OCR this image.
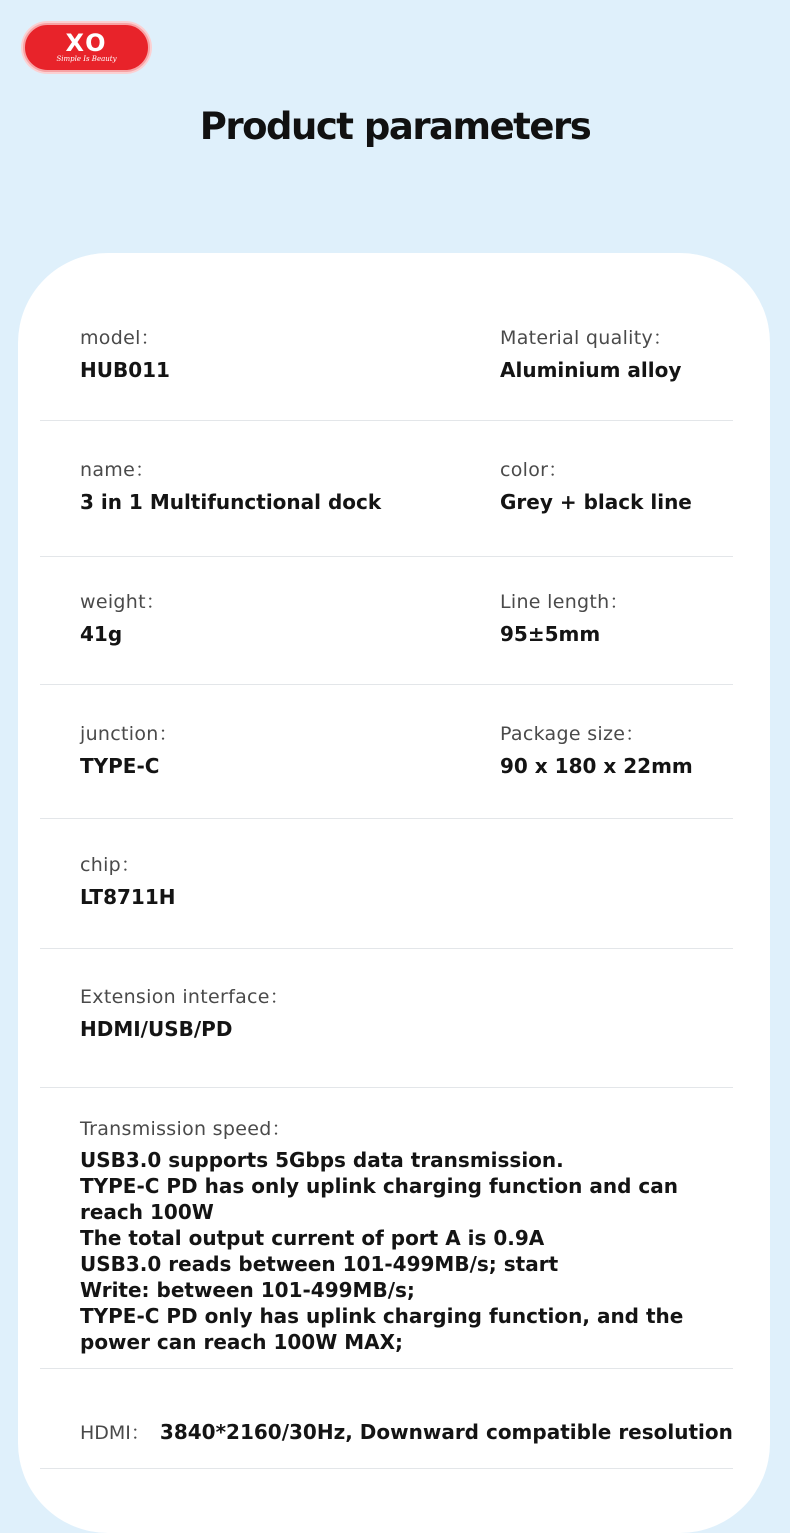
XO
Simple Is Beauty
Product parameters
model：
HUB011
Material quality：
Aluminium alloy
name：
3 in 1 Multifunctional dock
color：
Grey + black line
weight：
41g
Line length：
95±5mm
junction：
TYPE-C
Package size：
90 x 180 x 22mm
chip：
LT8711H
Extension interface：
HDMI/USB/PD
Transmission speed：
USB3.0 supports 5Gbps data transmission.
TYPE-C PD has only uplink charging function and can
reach 100W
The total output current of port A is 0.9A
USB3.0 reads between 101-499MB/s; start
Write: between 101-499MB/s;
TYPE-C PD only has uplink charging function, and the
power can reach 100W MAX;
HDMI： 3840*2160/30Hz, Downward compatible resolution
